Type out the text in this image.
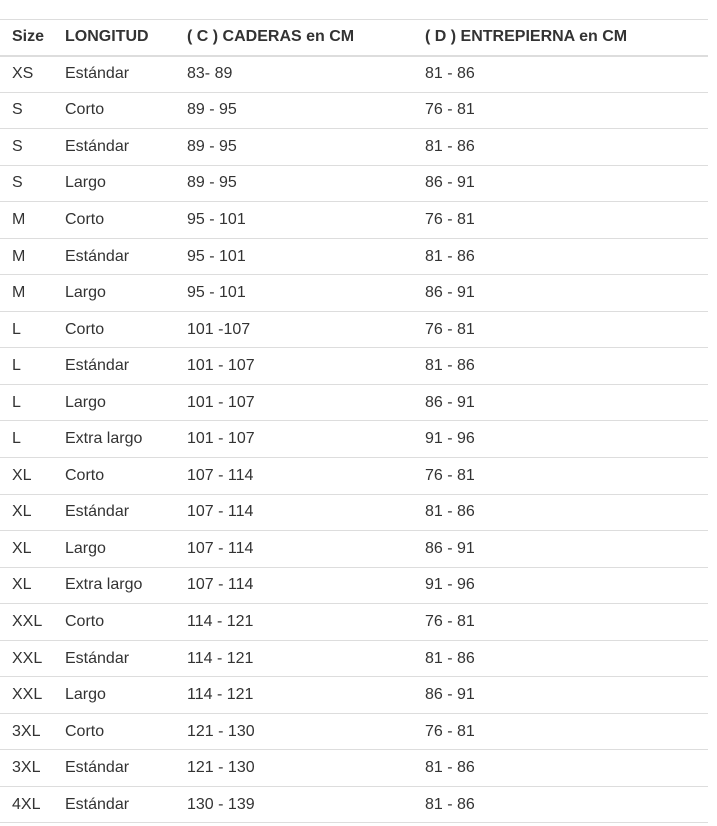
Size	LONGITUD	( C ) CADERAS en CM	( D ) ENTREPIERNA en CM
XS	Estándar	83- 89	81 - 86
S	Corto	89 - 95	76 - 81
S	Estándar	89 - 95	81 - 86
S	Largo	89 - 95	86 - 91
M	Corto	95 - 101	76 - 81
M	Estándar	95 - 101	81 - 86
M	Largo	95 - 101	86 - 91
L	Corto	101 -107	76 - 81
L	Estándar	101 - 107	81 - 86
L	Largo	101 - 107	86 - 91
L	Extra largo	101 - 107	91 - 96
XL	Corto	107 - 114	76 - 81
XL	Estándar	107 - 114	81 - 86
XL	Largo	107 - 114	86 - 91
XL	Extra largo	107 - 114	91 - 96
XXL	Corto	114 - 121	76 - 81
XXL	Estándar	114 - 121	81 - 86
XXL	Largo	114 - 121	86 - 91
3XL	Corto	121 - 130	76 - 81
3XL	Estándar	121 - 130	81 - 86
4XL	Estándar	130 - 139	81 - 86
